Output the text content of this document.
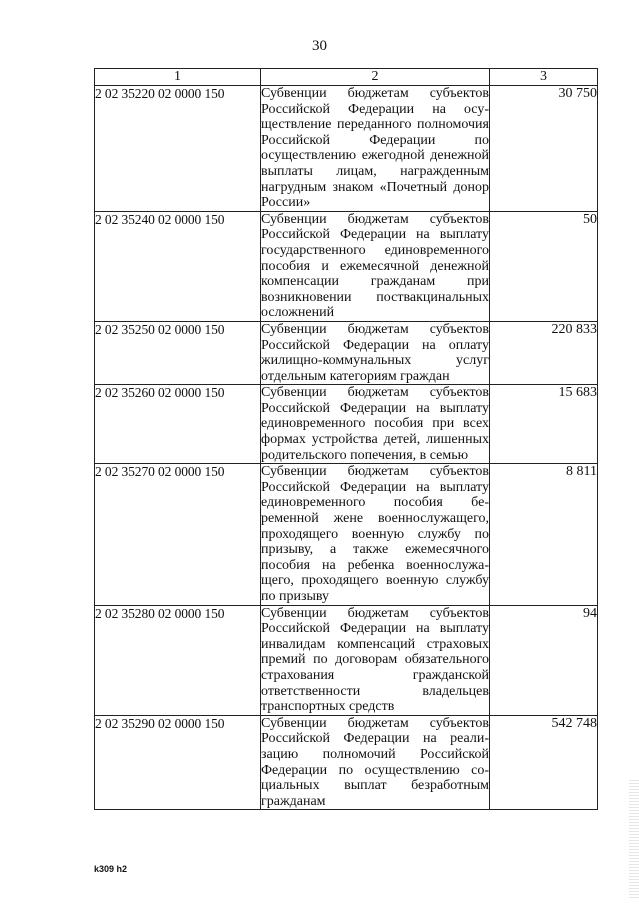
30
1	2	3
2 02 35220 02 0000 150	Субвенции бюджетам субъектов Российской Федерации на осуществление переданного полномочия Российской Федерации по осуществлению ежегодной денежной выплаты лицам, награжденным нагрудным знаком «Почетный донор России»	30 750
2 02 35240 02 0000 150	Субвенции бюджетам субъектов Российской Федерации на выплату государственного единовременного пособия и ежемесячной денежной компенсации гражданам при возникновении поствакцинальных осложнений	50
2 02 35250 02 0000 150	Субвенции бюджетам субъектов Российской Федерации на оплату жилищно-коммунальных услуг отдельным категориям граждан	220 833
2 02 35260 02 0000 150	Субвенции бюджетам субъектов Российской Федерации на выплату единовременного пособия при всех формах устройства детей, лишенных родительского попечения, в семью	15 683
2 02 35270 02 0000 150	Субвенции бюджетам субъектов Российской Федерации на выплату единовременного пособия беременной жене военнослужащего, проходящего военную службу по призыву, а также ежемесячного пособия на ребенка военнослужащего, проходящего военную службу по призыву	8 811
2 02 35280 02 0000 150	Субвенции бюджетам субъектов Российской Федерации на выплату инвалидам компенсаций страховых премий по договорам обязательного страхования гражданской ответственности владельцев транспортных средств	94
2 02 35290 02 0000 150	Субвенции бюджетам субъектов Российской Федерации на реализацию полномочий Российской Федерации по осуществлению социальных выплат безработным гражданам	542 748
k309 h2
